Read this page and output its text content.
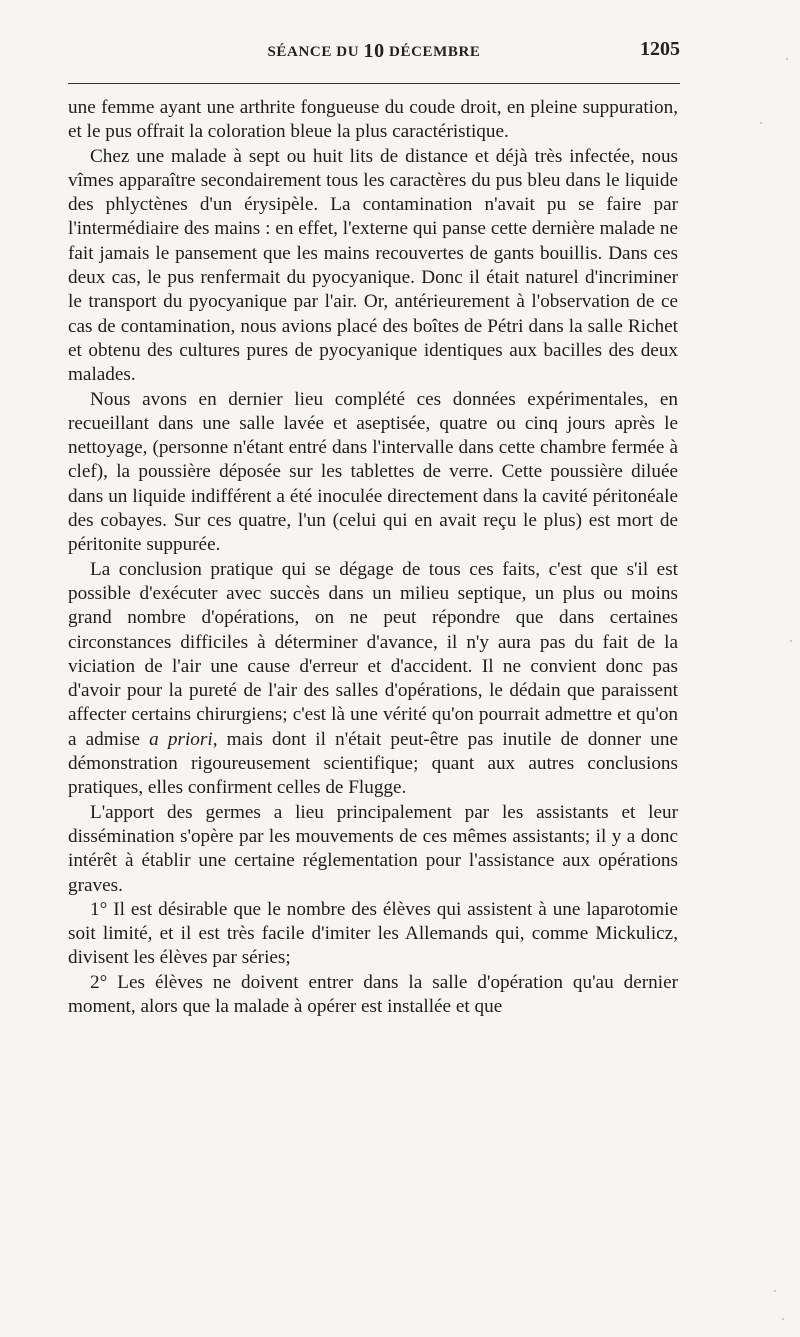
SÉANCE DU 10 DÉCEMBRE	1205

une femme ayant une arthrite fongueuse du coude droit, en pleine suppuration, et le pus offrait la coloration bleue la plus caractéristique.

Chez une malade à sept ou huit lits de distance et déjà très infectée, nous vîmes apparaître secondairement tous les caractères du pus bleu dans le liquide des phlyctènes d'un érysipèle. La contamination n'avait pu se faire par l'intermédiaire des mains : en effet, l'externe qui panse cette dernière malade ne fait jamais le pansement que les mains recouvertes de gants bouillis. Dans ces deux cas, le pus renfermait du pyocyanique. Donc il était naturel d'incriminer le transport du pyocyanique par l'air. Or, antérieurement à l'observation de ce cas de contamination, nous avions placé des boîtes de Pétri dans la salle Richet et obtenu des cultures pures de pyocyanique identiques aux bacilles des deux malades.

Nous avons en dernier lieu complété ces données expérimentales, en recueillant dans une salle lavée et aseptisée, quatre ou cinq jours après le nettoyage, (personne n'étant entré dans l'intervalle dans cette chambre fermée à clef), la poussière déposée sur les tablettes de verre. Cette poussière diluée dans un liquide indifférent a été inoculée directement dans la cavité péritonéale des cobayes. Sur ces quatre, l'un (celui qui en avait reçu le plus) est mort de péritonite suppurée.

La conclusion pratique qui se dégage de tous ces faits, c'est que s'il est possible d'exécuter avec succès dans un milieu septique, un plus ou moins grand nombre d'opérations, on ne peut répondre que dans certaines circonstances difficiles à déterminer d'avance, il n'y aura pas du fait de la viciation de l'air une cause d'erreur et d'accident. Il ne convient donc pas d'avoir pour la pureté de l'air des salles d'opérations, le dédain que paraissent affecter certains chirurgiens; c'est là une vérité qu'on pourrait admettre et qu'on a admise a priori, mais dont il n'était peut-être pas inutile de donner une démonstration rigoureusement scientifique; quant aux autres conclusions pratiques, elles confirment celles de Flugge.

L'apport des germes a lieu principalement par les assistants et leur dissémination s'opère par les mouvements de ces mêmes assistants; il y a donc intérêt à établir une certaine réglementation pour l'assistance aux opérations graves.

1° Il est désirable que le nombre des élèves qui assistent à une laparotomie soit limité, et il est très facile d'imiter les Allemands qui, comme Mickulicz, divisent les élèves par séries;

2° Les élèves ne doivent entrer dans la salle d'opération qu'au dernier moment, alors que la malade à opérer est installée et que
